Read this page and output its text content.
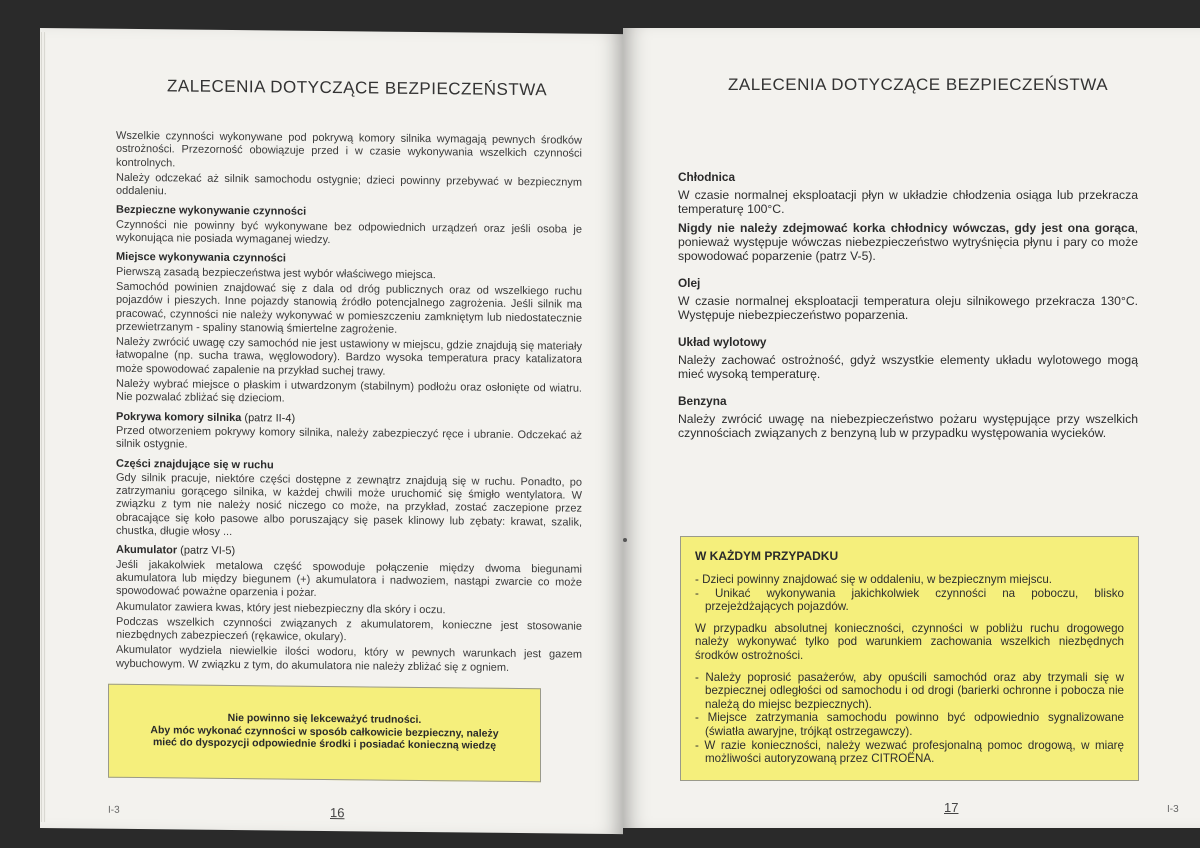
ZALECENIA DOTYCZĄCE BEZPIECZEŃSTWA

Wszelkie czynności wykonywane pod pokrywą komory silnika wymagają pewnych środków ostrożności. Przezorność obowiązuje przed i w czasie wykonywania wszelkich czynności kontrolnych.

Należy odczekać aż silnik samochodu ostygnie; dzieci powinny przebywać w bezpiecznym oddaleniu.

Bezpieczne wykonywanie czynności

Czynności nie powinny być wykonywane bez odpowiednich urządzeń oraz jeśli osoba je wykonująca nie posiada wymaganej wiedzy.

Miejsce wykonywania czynności

Pierwszą zasadą bezpieczeństwa jest wybór właściwego miejsca.

Samochód powinien znajdować się z dala od dróg publicznych oraz od wszelkiego ruchu pojazdów i pieszych. Inne pojazdy stanowią źródło potencjalnego zagrożenia. Jeśli silnik ma pracować, czynności nie należy wykonywać w pomieszczeniu zamkniętym lub niedostatecznie przewietrzanym - spaliny stanowią śmiertelne zagrożenie.

Należy zwrócić uwagę czy samochód nie jest ustawiony w miejscu, gdzie znajdują się materiały łatwopalne (np. sucha trawa, węglowodory). Bardzo wysoka temperatura pracy katalizatora może spowodować zapalenie na przykład suchej trawy.

Należy wybrać miejsce o płaskim i utwardzonym (stabilnym) podłożu oraz osłonięte od wiatru. Nie pozwalać zbliżać się dzieciom.

Pokrywa komory silnika (patrz II-4)

Przed otworzeniem pokrywy komory silnika, należy zabezpieczyć ręce i ubranie. Odczekać aż silnik ostygnie.

Części znajdujące się w ruchu

Gdy silnik pracuje, niektóre części dostępne z zewnątrz znajdują się w ruchu. Ponadto, po zatrzymaniu gorącego silnika, w każdej chwili może uruchomić się śmigło wentylatora. W związku z tym nie należy nosić niczego co może, na przykład, zostać zaczepione przez obracające się koło pasowe albo poruszający się pasek klinowy lub zębaty: krawat, szalik, chustka, długie włosy ...

Akumulator (patrz VI-5)

Jeśli jakakolwiek metalowa część spowoduje połączenie między dwoma biegunami akumulatora lub między biegunem (+) akumulatora i nadwoziem, nastąpi zwarcie co może spowodować poważne oparzenia i pożar.

Akumulator zawiera kwas, który jest niebezpieczny dla skóry i oczu.

Podczas wszelkich czynności związanych z akumulatorem, konieczne jest stosowanie niezbędnych zabezpieczeń (rękawice, okulary).

Akumulator wydziela niewielkie ilości wodoru, który w pewnych warunkach jest gazem wybuchowym. W związku z tym, do akumulatora nie należy zbliżać się z ogniem.

Nie powinno się lekceważyć trudności.
Aby móc wykonać czynności w sposób całkowicie bezpieczny, należy
mieć do dyspozycji odpowiednie środki i posiadać konieczną wiedzę
I-3	16
ZALECENIA DOTYCZĄCE BEZPIECZEŃSTWA
Chłodnica

W czasie normalnej eksploatacji płyn w układzie chłodzenia osiąga lub przekracza temperaturę 100°C.

Nigdy nie należy zdejmować korka chłodnicy wówczas, gdy jest ona gorąca, ponieważ występuje wówczas niebezpieczeństwo wytryśnięcia płynu i pary co może spowodować poparzenie (patrz V-5).

Olej

W czasie normalnej eksploatacji temperatura oleju silnikowego przekracza 130°C. Występuje niebezpieczeństwo poparzenia.

Układ wylotowy

Należy zachować ostrożność, gdyż wszystkie elementy układu wylotowego mogą mieć wysoką temperaturę.

Benzyna

Należy zwrócić uwagę na niebezpieczeństwo pożaru występujące przy wszelkich czynnościach związanych z benzyną lub w przypadku występowania wycieków.

W KAŻDYM PRZYPADKU
- Dzieci powinny znajdować się w oddaleniu, w bezpiecznym miejscu.
- Unikać wykonywania jakichkolwiek czynności na poboczu, blisko przejeżdżających pojazdów.

W przypadku absolutnej konieczności, czynności w pobliżu ruchu drogowego należy wykonywać tylko pod warunkiem zachowania wszelkich niezbędnych środków ostrożności.

- Należy poprosić pasażerów, aby opuścili samochód oraz aby trzymali się w bezpiecznej odległości od samochodu i od drogi (barierki ochronne i pobocza nie należą do miejsc bezpiecznych).
- Miejsce zatrzymania samochodu powinno być odpowiednio sygnalizowane (światła awaryjne, trójkąt ostrzegawczy).
- W razie konieczności, należy wezwać profesjonalną pomoc drogową, w miarę możliwości autoryzowaną przez CITROËNA.
17	I-3
